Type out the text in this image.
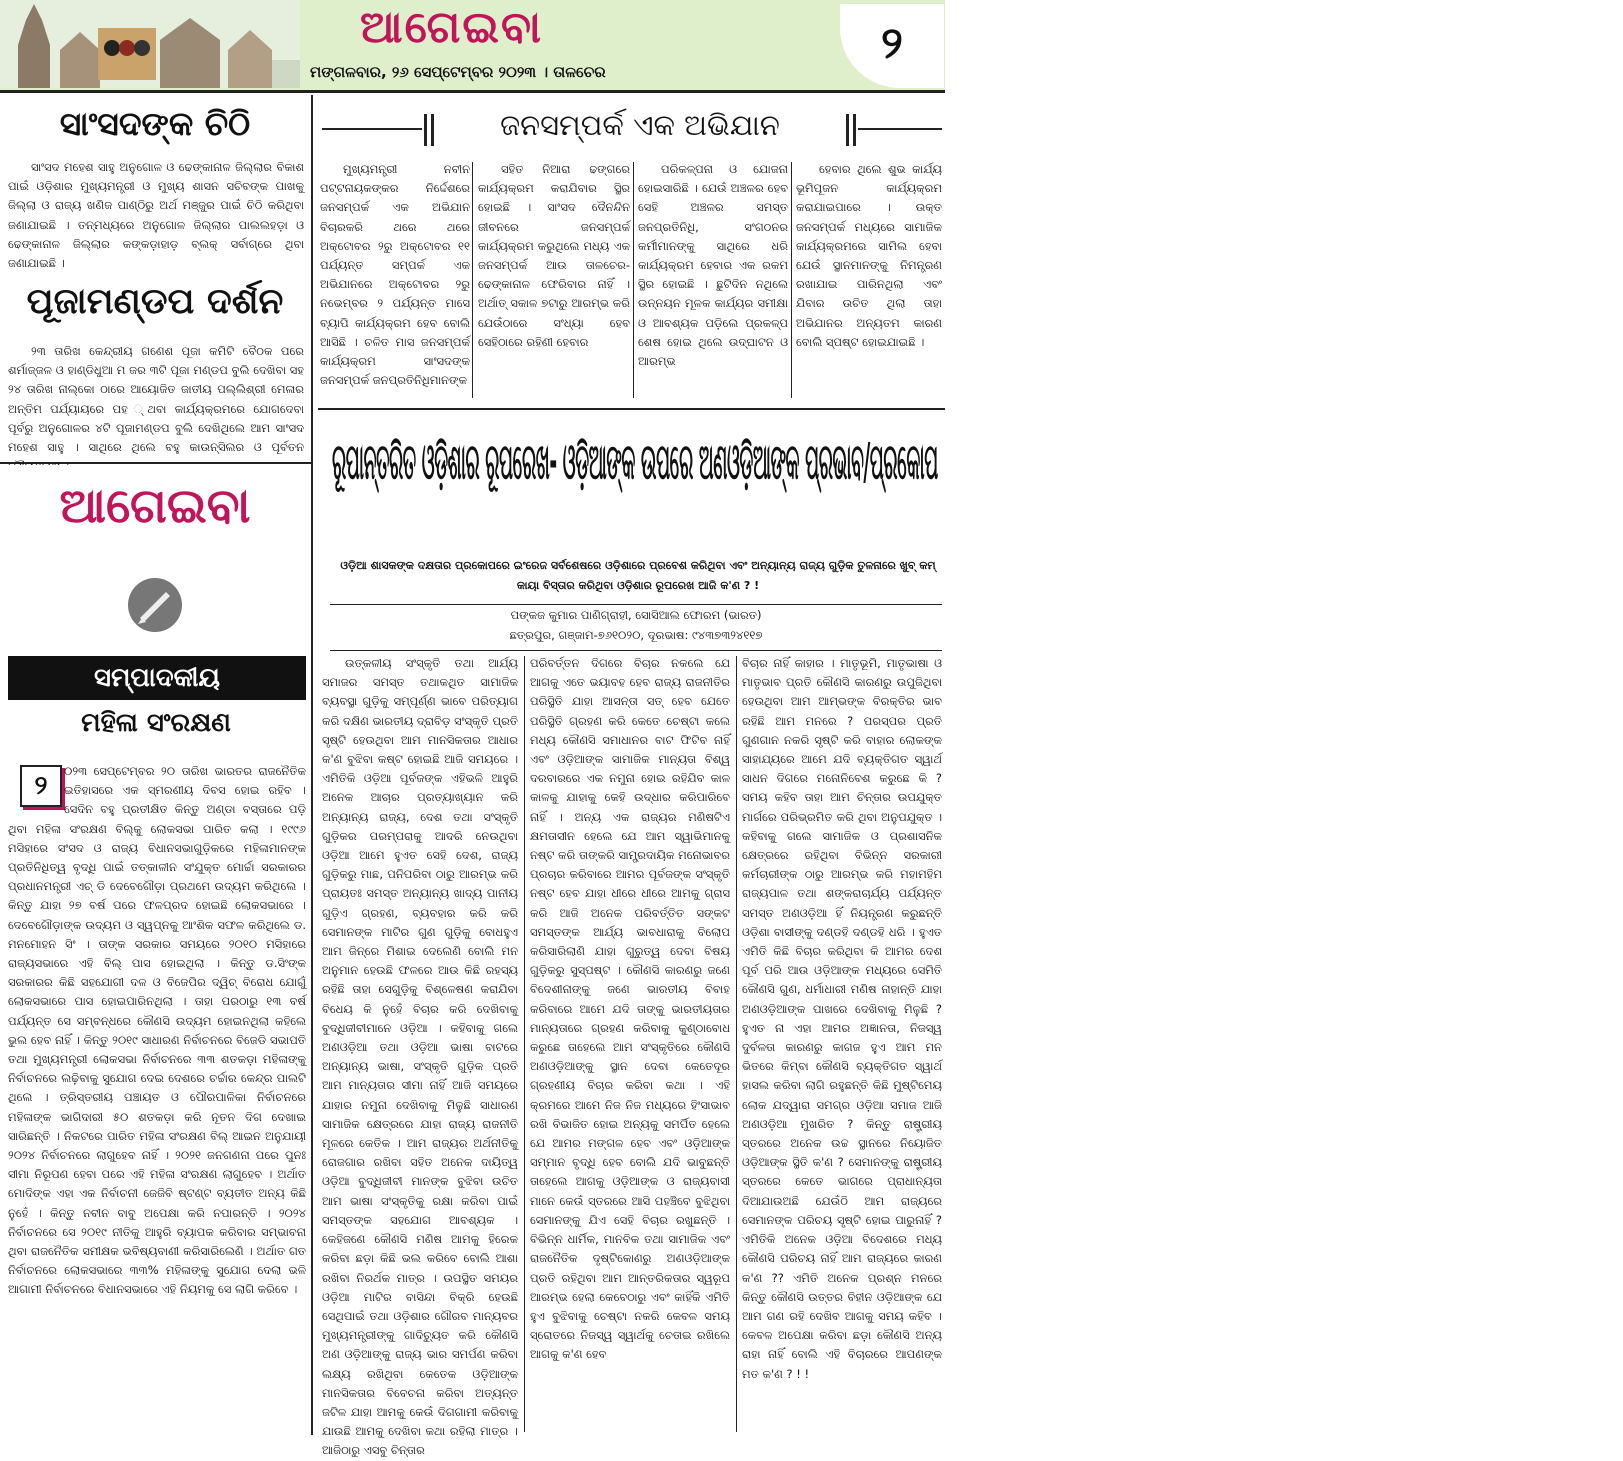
ଆଗେଇବା
ମଙ୍ଗଳବାର, ୨୬ ସେପ୍ଟେମ୍ବର ୨୦୨୩ । ତାଳଚେର
୨
ସାଂସଦଙ୍କ ଚିଠି

ସାଂସଦ ମହେଶ ସାହୁ ଅନୁଗୋଳ ଓ ଢେଙ୍କାନାଳ ଜିଲ୍ଲାର ବିକାଶ ପାଇଁ ଓଡ଼ିଶାର ମୁଖ୍ୟମନ୍ତ୍ରୀ ଓ ମୁଖ୍ୟ ଶାସନ ସଚିବଙ୍କ ପାଖକୁ ଜିଲ୍ଲା ଓ ରାଜ୍ୟ ଖଣିଜ ପାଣ୍ଠିରୁ ଅର୍ଥ ମଞ୍ଜୁର ପାଇଁ ଚିଠି କରିଥିବା ଜଣାଯାଇଛି । ତନ୍ମଧ୍ୟରେ ଅନୁଗୋଳ ଜିଲ୍ଲାର ପାଲଲହଡ଼ା ଓ ଢେଙ୍କାନାଳ ଜିଲ୍ଲାର କଙ୍କଡ଼ାହାଡ଼ ବ୍ଲକ୍ ସର୍ବାଗ୍ରେ ଥିବା ଜଣାଯାଇଛି ।

ପୂଜାମଣ୍ଡପ ଦର୍ଶନ

୨୩ ତାରିଖ କେନ୍ଦ୍ରୀୟ ଗଣେଶ ପୂଜା କମିଟି ବୈଠକ ପରେ ଶର୍ମାଜ୍ଜଳ ଓ ହାଣ୍ଡିଧୁଆ ମ ଜର ୩ଟି ପୂଜା ମଣ୍ଡପ ବୁଲି ଦେଖିବା ସହ ୨୪ ତାରିଖ ନାଲ୍କୋ ଠାରେ ଆୟୋଜିତ ଜାତୀୟ ପଲ୍ଲିଶ୍ରୀ ମେଳାର ଅନ୍ତିମ ପର୍ଯ୍ୟାୟରେ ପହ ୍ଥବା କାର୍ଯ୍ୟକ୍ରମରେ ଯୋଗଦେବା ପୂର୍ବରୁ ଅନୁଗୋଳର ୪ଟି ପୂଜାମଣ୍ଡପ ବୁଲି ଦେଖିଥିଲେ ଆମ ସାଂସଦ ମହେଶ ସାହୁ । ସାଥିରେ ଥିଲେ ବହୁ କାଉନ୍‌ସିଲର ଓ ପୂର୍ବତନ

ଆଗେଇବା
ସମ୍ପାଦକୀୟ
ମହିଳା ସଂରକ୍ଷଣ
୨	୦୨୩ ସେପ୍ଟେମ୍ବର ୨୦ ତାରିଖ ଭାରତର ରାଜନୈତିକ ଇତିହାସରେ ଏକ ସ୍ମରଣୀୟ ଦିବସ ହୋଇ ରହିବ । ସେଦିନ ବହୁ ପ୍ରତୀକ୍ଷିତ କିନ୍ତୁ ଅଣ୍ଡା ବସ୍ତାରେ ପଡ଼ି ଥିବା ମହିଳା ସଂରକ୍ଷଣ ବିଲ୍‌କୁ ଲୋକସଭା ପାରିତ କଲା । ୧୯୯୬ ମସିହାରେ ସଂସଦ ଓ ରାଜ୍ୟ ବିଧାନସଭାଗୁଡ଼ିକରେ ମହିଳାମାନଙ୍କ ପ୍ରତିନିଧିତ୍ୱ ବୃଦ୍ଧି ପାଇଁ ତତ୍କାଳୀନ ସଂଯୁକ୍ତ ମୋର୍ଚ୍ଚା ସରକାରର ପ୍ରଧାନମନ୍ତ୍ରୀ ଏଚ୍ ଡି ଦେବେଗୌଡ଼ା ପ୍ରଥମେ ଉଦ୍ୟମ କରିଥିଲେ । କିନ୍ତୁ ଯାହା ୨୭ ବର୍ଷ ପରେ ଫଳପ୍ରଦ ହୋଇଛି ଲୋକସଭାରେ । ଦେବେଗୌଡ଼ାଙ୍କ ଉଦ୍ୟମ ଓ ସ୍ୱପ୍ନକୁ ଆଂଶିକ ସଫଳ କରିଥିଲେ ଡ. ମନମୋହନ ସିଂ । ତାଙ୍କ ସରକାର ସମୟରେ ୨୦୧୦ ମସିହାରେ ରାଜ୍ୟସଭାରେ ଏହି ବିଲ୍ ପାସ ହୋଇଥିଲା । କିନ୍ତୁ ଡ.ସିଂଙ୍କ ସରକାରର କିଛି ସହଯୋଗୀ ଦଳ ଓ ବିଜେପିର ଦ୍ୱିଚ୍ ବିରୋଧ ଯୋଗୁଁ ଲୋକସଭାରେ ପାସ ହୋଇପାରିନଥିଲା । ତାହା ପରଠାରୁ ୧୩ ବର୍ଷ ପର୍ଯ୍ୟନ୍ତ ସେ ସମ୍ବନ୍ଧରେ କୌଣସି ଉଦ୍ୟମ ହୋଇନଥିଲା କହିଲେ ଭୁଲ ହେବ ନାହିଁ । କିନ୍ତୁ ୨୦୧୯ ସାଧାରଣ ନିର୍ବାଚନରେ ବିଜେଡି ସଭାପତି ତଥା ମୁଖ୍ୟମନ୍ତ୍ରୀ ଲୋକସଭା ନିର୍ବାଚନରେ ୩୩ ଶତକଡ଼ା ମହିଳାଙ୍କୁ ନିର୍ବାଚନରେ ଲଢ଼ିବାକୁ ସୁଯୋଗ ଦେଇ ଦେଶରେ ଚର୍ଚ୍ଚାର କେନ୍ଦ୍ର ପାଲଟି ଥିଲେ । ତ୍ରିସ୍ତରୀୟ ପଞ୍ଚାୟତ ଓ ପୌରପାଳିକା ନିର୍ବାଚନରେ ମହିଳାଙ୍କ ଭାଗିଦାରୀ ୫୦ ଶତକଡ଼ା କରି ନୂତନ ଦିଗ ଦେଖାଇ ସାରିଛନ୍ତି । ନିକଟରେ ପାରିତ ମହିଳା ସଂରକ୍ଷଣ ବିଲ୍ ଆଇନ ଅନୁଯାୟୀ ୨୦୨୪ ନିର୍ବାଚନରେ ଲାଗୁହେବ ନାହିଁ । ୨୦୨୧ ଜନଗଣନା ପରେ ପୁନଃ ସୀମା ନିରୂପଣ ହେବା ପରେ ଏହି ମହିଳା ସଂରକ୍ଷଣ ଲାଗୁହେବ । ଅର୍ଥାତ ମୋଦିଙ୍କ ଏହା ଏକ ନିର୍ବାଚନୀ ଜେଜିବି ଷ୍ଟଣ୍ଟ ବ୍ୟତୀତ ଅନ୍ୟ କିଛି ନୁହେଁ । କିନ୍ତୁ ନବୀନ ବାବୁ ଅପେକ୍ଷା କରି ନପାରନ୍ତି । ୨୦୨୪ ନିର୍ବାଚନରେ ସେ ୨୦୧୯ ନୀତିକୁ ଆହୁରି ବ୍ୟାପକ କରିବାର ସମ୍ଭାବନା ଥିବା ରାଜନୈତିକ ସମୀକ୍ଷକ ଭବିଷ୍ୟବାଣୀ କରିସାରିଲେଣି । ଅର୍ଥାତ ଗତ ନିର୍ବାଚନରେ ଲୋକସଭାରେ ୩୩% ମହିଳାଙ୍କୁ ସୁଯୋଗ ଦେଲା ଭଳି ଆଗାମୀ ନିର୍ବାଚନରେ ବିଧାନସଭାରେ ଏହି ନିୟମକୁ ସେ ଲାଗି କରିବେ ।
ଜନସମ୍ପର୍କ ଏକ ଅଭିଯାନ

ମୁଖ୍ୟମନ୍ତ୍ରୀ ନବୀନ ପଟ୍ଟନାୟକଙ୍କର ନିର୍ଦ୍ଦେଶରେ ଜନସମ୍ପର୍କ ଏକ ଅଭିଯାନ ବିଚାରକରି ଥରେ ଥରେ ଅକ୍ଟୋବର ୨ରୁ ଅକ୍ଟୋବର ୧୧ ପର୍ଯ୍ୟନ୍ତ ସମ୍ପର୍କ ଏକ ଅଭିଯାନରେ ଅକ୍ଟୋବର ୨ରୁ ନଭେମ୍ବର ୨ ପର୍ଯ୍ୟନ୍ତ ମାସେ ବ୍ୟାପି କାର୍ଯ୍ୟକ୍ରମ ହେବ ବୋଲି ଆସିଛି । ଚଳିତ ମାସ ଜନସମ୍ପର୍କ କାର୍ଯ୍ୟକ୍ରମ ସାଂସଦଙ୍କ ଜନସମ୍ପର୍କ ଜନପ୍ରତିନିଧିମାନଙ୍କ

ସହିତ ନିଆରା ଢଙ୍ଗରେ କାର୍ଯ୍ୟକ୍ରମ କରାଯିବାର ସ୍ଥିର ହୋଇଛି । ସାଂସଦ ଦୈନନ୍ଦିନ ଜୀବନରେ ଜନସମ୍ପର୍କ କାର୍ଯ୍ୟକ୍ରମ କରୁଥିଲେ ମଧ୍ୟ ଏକ ଜନସମ୍ପର୍କ ଆଉ ତାଳଚେର-ଢେଙ୍କାନାଳ ଫେରିବାର ନାହିଁ । ଅର୍ଥାତ୍ ସକାଳ ୭ଟାରୁ ଆରମ୍ଭ କରି ଯେଉଁଠାରେ ସଂଧ୍ୟା ହେବ ସେହିଠାରେ ରହିଣୀ ହେବାର

ପରିକଳ୍ପନା ଓ ଯୋଜନା ହୋଇସାରିଛି । ଯେଉଁ ଅଞ୍ଚଳର ହେବ ସେହି ଅଞ୍ଚଳର ସମସ୍ତ ଜନପ୍ରତିନିଧି, ସଂଗଠନର କର୍ମୀମାନଙ୍କୁ ସାଥିରେ ଧରି କାର୍ଯ୍ୟକ୍ରମ ହେବାର ଏକ ରକମ ସ୍ଥିର ହୋଇଛି । ଛୁଟିଦିନ ନଥିଲେ ଉନ୍ନୟନ ମୂଳକ କାର୍ଯ୍ୟର ସମୀକ୍ଷା ଓ ଆବଶ୍ୟକ ପଡ଼ିଲେ ପ୍ରକଳ୍ପ ଶେଷ ହୋଇ ଥିଲେ ଉଦ୍‌ଘାଟନ ଓ ଆରମ୍ଭ

ହେବାର ଥିଲେ ଶୁଭ କାର୍ଯ୍ୟ ଭୂମିପୂଜନ କାର୍ଯ୍ୟକ୍ରମ କରାଯାଇପାରେ । ଉକ୍ତ ଜନସମ୍ପର୍କ ମଧ୍ୟରେ ସାମାଜିକ କାର୍ଯ୍ୟକ୍ରମରେ ସାମିଲ ହେବା ଯେଉଁ ସ୍ଥାନମାନଙ୍କୁ ନିମନ୍ତ୍ରଣ ରଖାଯାଇ ପାରିନଥିଲା ଏବଂ ଯିବାର ଉଚିତ ଥିଲା ତାହା ଅଭିଯାନର ଅନ୍ୟତମ କାରଣ ବୋଲି ସ୍ପଷ୍ଟ ହୋଇଯାଇଛି ।

ରୂପାନ୍ତରିତ ଓଡ଼ିଶାର ରୂପରେଖ- ଓଡ଼ିଆଙ୍କ ଉପରେ ଅଣଓଡ଼ିଆଙ୍କ ପ୍ରଭାବ/ପ୍ରକୋପ
ଓଡ଼ିଆ ଶାସକଙ୍କ ଦକ୍ଷତାର ପ୍ରକୋପରେ ଇଂରେଜ ସର୍ବଶେଷରେ ଓଡ଼ିଶାରେ ପ୍ରବେଶ କରିଥିବା ଏବଂ ଅନ୍ୟାନ୍ୟ ରାଜ୍ୟ ଗୁଡ଼ିକ ତୁଳନାରେ ଖୁବ୍ କମ୍ କାୟା ବିସ୍ତାର କରିଥିବା ଓଡ଼ିଶାର ରୂପରେଖ ଆଜି କ'ଣ ? !
ପଙ୍କଜ କୁମାର ପାଣିଗ୍ରାହୀ, ସୋସିଆଲ ଫୋରମ (ଭାରତ)
ଛତ୍ରପୁର, ଗଞ୍ଜାମ-୭୬୧୦୨୦, ଦୂରଭାଷ: ୯୪୩୭୩୨୪୧୧୭

ଉତ୍କଳୀୟ ସଂସ୍କୃତି ତଥା ଆର୍ଯ୍ୟ ସମାଜର ସମସ୍ତ ତଥାକଥିତ ସାମାଜିକ ବ୍ୟବସ୍ଥା ଗୁଡ଼ିକୁ ସମ୍ପୂର୍ଣ୍ଣ ଭାବେ ପରିତ୍ୟାଗ କରି ଦକ୍ଷିଣ ଭାରତୀୟ ଦ୍ରାବିଡ଼ ସଂସ୍କୃତି ପ୍ରତି ସୃଷ୍ଟି ହେଉଥିବା ଆମ ମାନସିକତାର ଆଧାର କ'ଣ ବୁଝିବା କଷ୍ଟ ହୋଇଛି ଆଜି ସମୟରେ । ଏମିତିକି ଓଡ଼ିଆ ପୂର୍ବଜଙ୍କ ଏହିଭଳି ଆହୁରି ଅନେକ ଆଚାର ପ୍ରତ୍ୟାଖ୍ୟାନ କରି ଅନ୍ୟାନ୍ୟ ରାଜ୍ୟ, ଦେଶ ତଥା ସଂସ୍କୃତି ଗୁଡ଼ିକର ପରମ୍ପରାକୁ ଆଦରି ନେଉଥିବା ଓଡ଼ିଆ ଆମେ ହୁଏତ ସେହି ଦେଶ, ରାଜ୍ୟ ଗୁଡ଼ିକରୁ ମାଛ, ପନିପରିବା ଠାରୁ ଆରମ୍ଭ କରି ପ୍ରାୟତଃ ସମସ୍ତ ଅନ୍ୟାନ୍ୟ ଖାଦ୍ୟ ପାନୀୟ ଗୁଡ଼ିଏ ଗ୍ରହଣ, ବ୍ୟବହାର କରି କରି ସେମାନଙ୍କ ମାଟିର ଗୁଣ ଗୁଡ଼ିକୁ ବୋଧହୁଏ ଆମ ଜିନ୍‌ରେ ମିଶାଇ ଦେଲେଣି ବୋଲି ମନ ଅନୁମାନ ହେଉଛି ଫଳରେ ଆଉ କିଛି ରହସ୍ୟ ରହିଛି ତାହା ସେଗୁଡ଼ିକୁ ବିଶ୍ଳେଷଣ କରାଯିବା ବିଧେୟ କି ନୁହେଁ ବିଚାର କରି ଦେଖିବାକୁ ବୁଦ୍ଧିଜୀବୀମାନେ ଓଡ଼ିଆ । କହିବାକୁ ଗଲେ ଅଣଓଡ଼ିଆ ତଥା ଓଡ଼ିଆ ଭାଷା ବାଟରେ ଅନ୍ୟାନ୍ୟ ଭାଷା, ସଂସ୍କୃତି ଗୁଡ଼ିକ ପ୍ରତି ଆମ ମାନ୍ୟତାର ସୀମା ନାହିଁ ଆଜି ସମୟରେ ଯାହାର ନମୁନା ଦେଖିବାକୁ ମିଳୁଛି ସାଧାରଣ ସାମାଜିକ କ୍ଷେତ୍ରରେ ଯାହା ରାଜ୍ୟ ରାଜନୀତି ମୂଳରେ କେତିକ । ଆମ ରାଜ୍ୟର ଅର୍ଥନୀତିକୁ ରୋଜଗାର ରଖିବା ସହିତ ଅନେକ ଦାୟିତ୍ୱ ଓଡ଼ିଆ ବୁଦ୍ଧିଜୀବୀ ମାନଙ୍କ ବୁଝିବା ଉଚିତ ଆମ ଭାଷା ସଂସ୍କୃତିକୁ ରକ୍ଷା କରିବା ପାଇଁ ସମସ୍ତଙ୍କ ସହଯୋଗ ଆବଶ୍ୟକ । କେହିଜଣେ କୌଣସି ମଣିଷ ଆମକୁ ହିରେକ କରିବା ଛଡ଼ା କିଛି ଭଲ କରିବେ ବୋଲି ଆଶା ରଖିବା ନିରର୍ଥକ ମାତ୍ର । ଉପସ୍ଥିତ ସମୟର ଓଡ଼ିଆ ମାଟିର ବାସିନ୍ଦା ବିକ୍ରି ହେଉଛି ସେଥିପାଇଁ ତଥା ଓଡ଼ିଶାର ଗୌରବ ମାନ୍ୟବର ମୁଖ୍ୟମନ୍ତ୍ରୀଙ୍କୁ ଗାଦିଚ୍ୟୁତ କରି କୌଣସି ଅଣ ଓଡ଼ିଆଙ୍କୁ ରାଜ୍ୟ ଭାର ସମର୍ପଣ କରିବା ଲକ୍ଷ୍ୟ ରଖିଥିବା କେତେକ ଓଡ଼ିଆଙ୍କ ମାନସିକତାର ବିବେଚନା କରିବା ଅତ୍ୟନ୍ତ ଜଟିଳ ଯାହା ଆମକୁ କେଉଁ ଦିଗଗାମୀ କରିବାକୁ ଯାଉଛି ଆମକୁ ଦେଖିବା କଥା ରହିଲା ମାତ୍ର । ଆଜିଠାରୁ ଏସବୁ ଚିନ୍ତାର

ପରିବର୍ତ୍ତନ ଦିଗରେ ବିଚାର ନକଲେ ଯେ ଆଗକୁ ଏତେ ଭୟାବହ ହେବ ରାଜ୍ୟ ରାଜନୀତିର ପରିସ୍ଥିତି ଯାହା ଆସନ୍ତା ସତ୍ ହେବ ଯେତେ ପରିସ୍ଥିତି ଗ୍ରହଣ କରି କେତେ ଚେଷ୍ଟା କଲେ ମଧ୍ୟ କୌଣସି ସମାଧାନର ବାଟ ଫିଟିବ ନାହିଁ ଏବଂ ଓଡ଼ିଆଙ୍କ ସାମାଜିକ ମାନ୍ୟତା ବିଶ୍ୱ ଦରବାରରେ ଏକ ନମୁନା ହୋଇ ରହିଯିବ କାଳ କାଳକୁ ଯାହାକୁ କେହି ଉଦ୍ଧାର କରିପାରିବେ ନାହିଁ । ଅନ୍ୟ ଏକ ରାଜ୍ୟର ମଣିଷଟିଏ କ୍ଷମତାସୀନ ହେଲେ ଯେ ଆମ ସ୍ୱାଭିମାନକୁ ନଷ୍ଟ କରି ତାଙ୍କରି ସାମ୍ପ୍ରଦାୟିକ ମନୋଭାବର ପ୍ରଚାର କରିବାରେ ଆମର ପୂର୍ବଜଙ୍କ ସଂସ୍କୃତି ନଷ୍ଟ ହେବ ଯାହା ଧୀରେ ଧୀରେ ଆମକୁ ଗ୍ରାସ କରି ଆଜି ଅନେକ ପରିବର୍ତ୍ତିତ ସଙ୍କଟ ସମସ୍ତଙ୍କ ଆର୍ଯ୍ୟ ଭାବଧାରାକୁ ବିଲୋପ କରିସାରିଲାଣି ଯାହା ଗୁରୁତ୍ୱ ଦେବା ବିଷୟ ଗୁଡ଼ିକରୁ ସୁସ୍ପଷ୍ଟ । କୌଣସି କାରଣରୁ ଜଣେ ବିଦେଶୀନାଙ୍କୁ ଜଣେ ଭାରତୀୟ ବିବାହ କରିବାରେ ଆମେ ଯଦି ତାଙ୍କୁ ଭାରତୀୟତାର ମାନ୍ୟତାରେ ଗ୍ରହଣ କରିବାକୁ କୁଣ୍ଠାବୋଧ କରୁଛେ ତାହେଲେ ଆମ ସଂସ୍କୃତିରେ କୌଣସି ଅଣଓଡ଼ିଆଙ୍କୁ ସ୍ଥାନ ଦେବା କେତେଦୂର ଗ୍ରହଣୀୟ ବିଚାର କରିବା କଥା । ଏହି କ୍ରମରେ ଆମେ ନିଜ ନିଜ ମଧ୍ୟରେ ହିଂସାଭାବ ରଖି ବିଭାଜିତ ହୋଇ ଅନ୍ୟକୁ ସମର୍ପିତ ହେଲେ ଯେ ଆମର ମଙ୍ଗଳ ହେବ ଏବଂ ଓଡ଼ିଆଙ୍କ ସମ୍ମାନ ବୃଦ୍ଧି ହେବ ବୋଲି ଯଦି ଭାବୁଛନ୍ତି ତାହେଲେ ଆଗକୁ ଓଡ଼ିଆଙ୍କ ଓ ରାଜ୍ୟବାସୀ ମାନେ କେଉଁ ସ୍ତରରେ ଆସି ପହଞ୍ଚିବେ ବୁଝିଥିବା ସେମାନଙ୍କୁ ଯିଏ ସେହି ବିଚାର ରଖୁଛନ୍ତି । ବିଭିନ୍ନ ଧାର୍ମିକ, ମାନବିକ ତଥା ସାମାଜିକ ଏବଂ ରାଜନୈତିକ ଦୃଷ୍ଟିକୋଣରୁ ଅଣଓଡ଼ିଆଙ୍କ ପ୍ରତି ରହିଥିବା ଆମ ଆନ୍ତରିକତାର ସ୍ୱରୂପ ଆରମ୍ଭ ହେଲା କେବେଠାରୁ ଏବଂ କାହିଁକି ଏମିତି ହୁଏ ବୁଝିବାକୁ ଚେଷ୍ଟା ନକରି କେବଳ ସମୟ ସ୍ରୋତରେ ନିଜସ୍ୱ ସ୍ୱାର୍ଥକୁ ଚେତାଇ ରଖିଲେ ଆଗକୁ କ'ଣ ହେବ
ବିଚାର ନାହିଁ କାହାର । ମାତୃଭୂମି, ମାତୃଭାଷା ଓ ମାତୃଭାବ ପ୍ରତି କୌଣସି କାରଣରୁ ଉପୁଜିଥିବା ହେଉଥିବା ଆମ ଆମ୍ଭଙ୍କ ବିରକ୍ତିର ଭାବ ରହିଛି ଆମ ମନରେ ? ପରସ୍ପର ପ୍ରତି ଗୁଣଗାନ ନକରି ସୃଷ୍ଟି କରି ବାହାର ଲୋକଙ୍କ ସାହାଯ୍ୟରେ ଆମେ ଯଦି ବ୍ୟକ୍ତିଗତ ସ୍ୱାର୍ଥ ସାଧନ ଦିଗରେ ମନୋନିବେଶ କରୁଛେ କି ? ସମୟ କହିବ ତାହା ଆମ ଚିନ୍ତାର ଉପଯୁକ୍ତ ମାର୍ଗରେ ପରିଭ୍ରମିତ କରି ଥିବା ଅନୁପଯୁକ୍ତ । କହିବାକୁ ଗଲେ ସାମାଜିକ ଓ ପ୍ରଶାସନିକ କ୍ଷେତ୍ରରେ ରହିଥିବା ବିଭିନ୍ନ ସରକାରୀ କର୍ମଚାରୀଙ୍କ ଠାରୁ ଆରମ୍ଭ କରି ମହାମହିମ ରାଜ୍ୟପାଳ ତଥା ଶଙ୍କରାଚାର୍ଯ୍ୟ ପର୍ଯ୍ୟନ୍ତ ସମସ୍ତ ଅଣଓଡ଼ିଆ ହିଁ ନିୟନ୍ତ୍ରଣ କରୁଛନ୍ତି ଓଡ଼ିଶା ବାସୀଙ୍କୁ ଦଣ୍ଡହି ଦଣ୍ଡହି ଧରି । ହୁଏତ ଏମିତି କିଛି ବିଚାର କରିଥିବା କି ଆମର ଦେଶ ପୂର୍ବ ପରି ଆଉ ଓଡ଼ିଆଙ୍କ ମଧ୍ୟରେ ସେମିତି କୌଣସି ଗୁଣ, ଧର୍ମାଧାରୀ ମଣିଷ ନାହାନ୍ତି ଯାହା ଅଣଓଡ଼ିଆଙ୍କ ପାଖରେ ଦେଖିବାକୁ ମିଳୁଛି ? ହୁଏତ ନା ଏହା ଆମର ଅଜ୍ଞାନତା, ନିଜସ୍ୱ ଦୁର୍ବଳତା କାରଣରୁ କାଗଜ ହୁଏ ଆମ ମନ ଭିତରେ କିମ୍ବା କୌଣସି ବ୍ୟକ୍ତିଗତ ସ୍ୱାର୍ଥ ହାସଲ କରିବା ଲାଗି ରହୁଛନ୍ତି କିଛି ମୁଷ୍ଟିମେୟ ଲୋକ ଯଦ୍ୱାରା ସମଗ୍ର ଓଡ଼ିଆ ସମାଜ ଆଜି ଅଣଓଡ଼ିଆ ମୁଖରିତ ? କିନ୍ତୁ ରାଷ୍ଟ୍ରୀୟ ସ୍ତରରେ ଅନେକ ଉଚ୍ଚ ସ୍ଥାନରେ ନିୟୋଜିତ ଓଡ଼ିଆଙ୍କ ସ୍ଥିତି କ'ଣ ? ସେମାନଙ୍କୁ ରାଷ୍ଟ୍ରୀୟ ସ୍ତରରେ କେତେ ଭାଗରେ ପ୍ରାଧାନ୍ୟତା ଦିଆଯାଉଅଛି ଯେଉଁଠି ଆମ ରାଜ୍ୟରେ ସେମାନଙ୍କ ପରିଚୟ ସୃଷ୍ଟି ହୋଇ ପାରୁନାହିଁ ? ଏମିତିକି ଅନେକ ଓଡ଼ିଆ ବିଦେଶରେ ମଧ୍ୟ କୌଣସି ପରିଚୟ ନାହିଁ ଆମ ରାଜ୍ୟରେ କାରଣ କ'ଣ ?? ଏମିତି ଅନେକ ପ୍ରଶ୍ନ ମନରେ କିନ୍ତୁ କୌଣସି ଉତ୍ତର ବିହୀନ ଓଡ଼ିଆଙ୍କ ଯେ ଆମ ଗଣ ରହି ଦେଖିବ ଆଗକୁ ସମୟ କହିବ । କେବଳ ଅପେକ୍ଷା କରିବା ଛଡ଼ା କୌଣସି ଅନ୍ୟ ରାହା ନାହିଁ ବୋଲି ଏହି ବିଚାରରେ ଆପଣଙ୍କ ମତ କ'ଣ ? ! !
